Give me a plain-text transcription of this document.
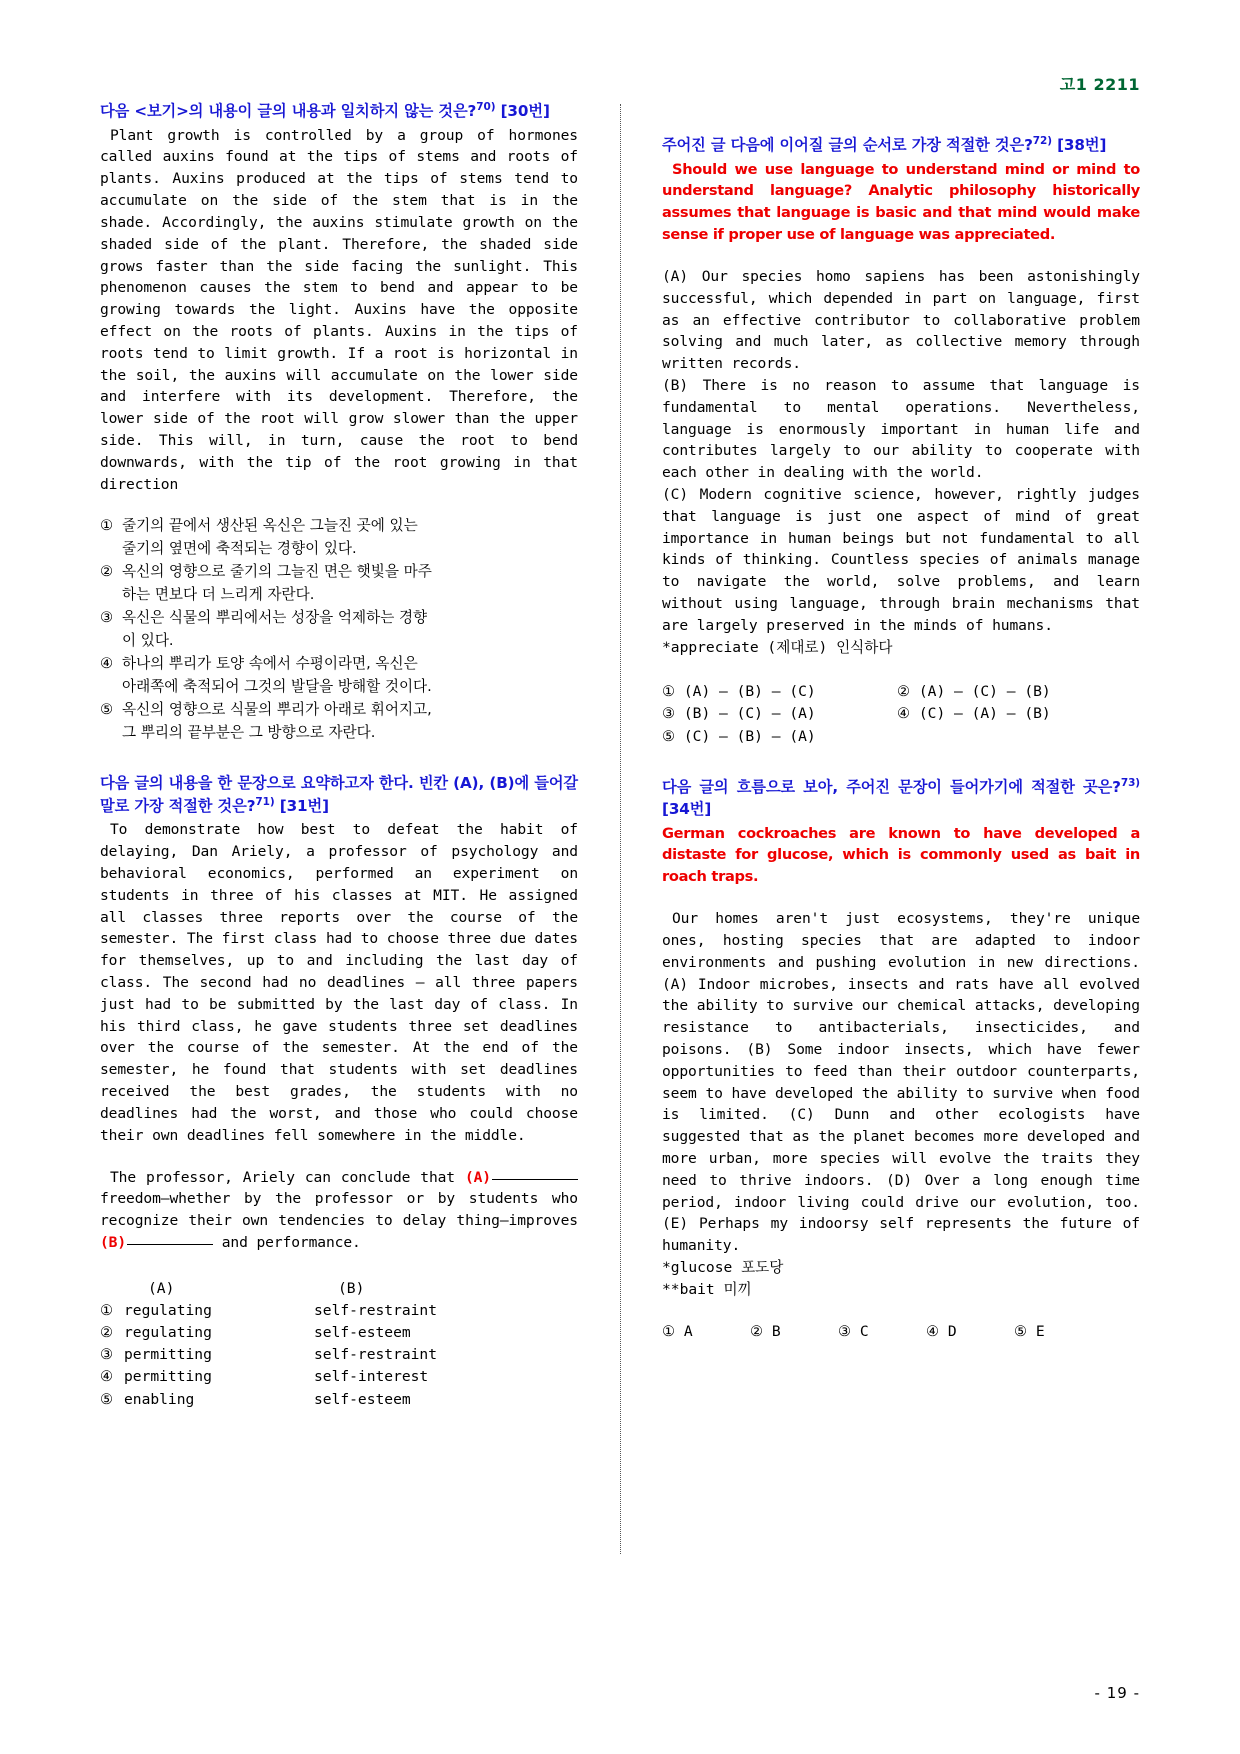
고1 2211
다음 <보기>의 내용이 글의 내용과 일치하지 않는 것은?$^{70)}$ [30번]
Plant growth is controlled by a group of hormones called auxins found at the tips of stems and roots of plants. Auxins produced at the tips of stems tend to accumulate on the side of the stem that is in the shade. Accordingly, the auxins stimulate growth on the shaded side of the plant. Therefore, the shaded side grows faster than the side facing the sunlight. This phenomenon causes the stem to bend and appear to be growing towards the light. Auxins have the opposite effect on the roots of plants. Auxins in the tips of roots tend to limit growth. If a root is horizontal in the soil, the auxins will accumulate on the lower side and interfere with its development. Therefore, the lower side of the root will grow slower than the upper side. This will, in turn, cause the root to bend downwards, with the tip of the root growing in that direction
① 줄기의 끝에서 생산된 옥신은 그늘진 곳에 있는
줄기의 옆면에 축적되는 경향이 있다.
② 옥신의 영향으로 줄기의 그늘진 면은 햇빛을 마주
하는 면보다 더 느리게 자란다.
③ 옥신은 식물의 뿌리에서는 성장을 억제하는 경향
이 있다.
④ 하나의 뿌리가 토양 속에서 수평이라면, 옥신은
아래쪽에 축적되어 그것의 발달을 방해할 것이다.
⑤ 옥신의 영향으로 식물의 뿌리가 아래로 휘어지고,
그 뿌리의 끝부분은 그 방향으로 자란다.
다음 글의 내용을 한 문장으로 요약하고자 한다. 빈칸 (A), (B)에 들어갈 말로 가장 적절한 것은?$^{71)}$ [31번]
To demonstrate how best to defeat the habit of delaying, Dan Ariely, a professor of psychology and behavioral economics, performed an experiment on students in three of his classes at MIT. He assigned all classes three reports over the course of the semester. The first class had to choose three due dates for themselves, up to and including the last day of class. The second had no deadlines – all three papers just had to be submitted by the last day of class. In his third class, he gave students three set deadlines over the course of the semester. At the end of the semester, he found that students with set deadlines received the best grades, the students with no deadlines had the worst, and those who could choose their own deadlines fell somewhere in the middle.
The professor, Ariely can conclude that (A) freedom—whether by the professor or by students who recognize their own tendencies to delay thing—improves (B)	and performance.
(A)	(B)
① regulating	self-restraint
② regulating	self-esteem
③ permitting	self-restraint
④ permitting	self-interest
⑤ enabling	self-esteem
주어진 글 다음에 이어질 글의 순서로 가장 적절한 것은?$^{72)}$ [38번]
Should we use language to understand mind or mind to understand language? Analytic philosophy historically assumes that language is basic and that mind would make sense if proper use of language was appreciated.
(A) Our species homo sapiens has been astonishingly successful, which depended in part on language, first as an effective contributor to collaborative problem solving and much later, as collective memory through written records.
(B) There is no reason to assume that language is fundamental to mental operations. Nevertheless, language is enormously important in human life and contributes largely to our ability to cooperate with each other in dealing with the world.
(C) Modern cognitive science, however, rightly judges that language is just one aspect of mind of great importance in human beings but not fundamental to all kinds of thinking. Countless species of animals manage to navigate the world, solve problems, and learn without using language, through brain mechanisms that are largely preserved in the minds of humans.
*appreciate (제대로) 인식하다
① (A) – (B) – (C)	② (A) – (C) – (B)
③ (B) – (C) – (A)	④ (C) – (A) – (B)
⑤ (C) – (B) – (A)
다음 글의 흐름으로 보아, 주어진 문장이 들어가기에 적절한 곳은?$^{73)}$ [34번]
German cockroaches are known to have developed a distaste for glucose, which is commonly used as bait in roach traps.
Our homes aren't just ecosystems, they're unique ones, hosting species that are adapted to indoor environments and pushing evolution in new directions. (A) Indoor microbes, insects and rats have all evolved the ability to survive our chemical attacks, developing resistance to antibacterials, insecticides, and poisons. (B) Some indoor insects, which have fewer opportunities to feed than their outdoor counterparts, seem to have developed the ability to survive when food is limited. (C) Dunn and other ecologists have suggested that as the planet becomes more developed and more urban, more species will evolve the traits they need to thrive indoors. (D) Over a long enough time period, indoor living could drive our evolution, too. (E) Perhaps my indoorsy self represents the future of humanity.
*glucose 포도당
**bait 미끼
① A	② B	③ C	④ D	⑤ E
- 19 -
